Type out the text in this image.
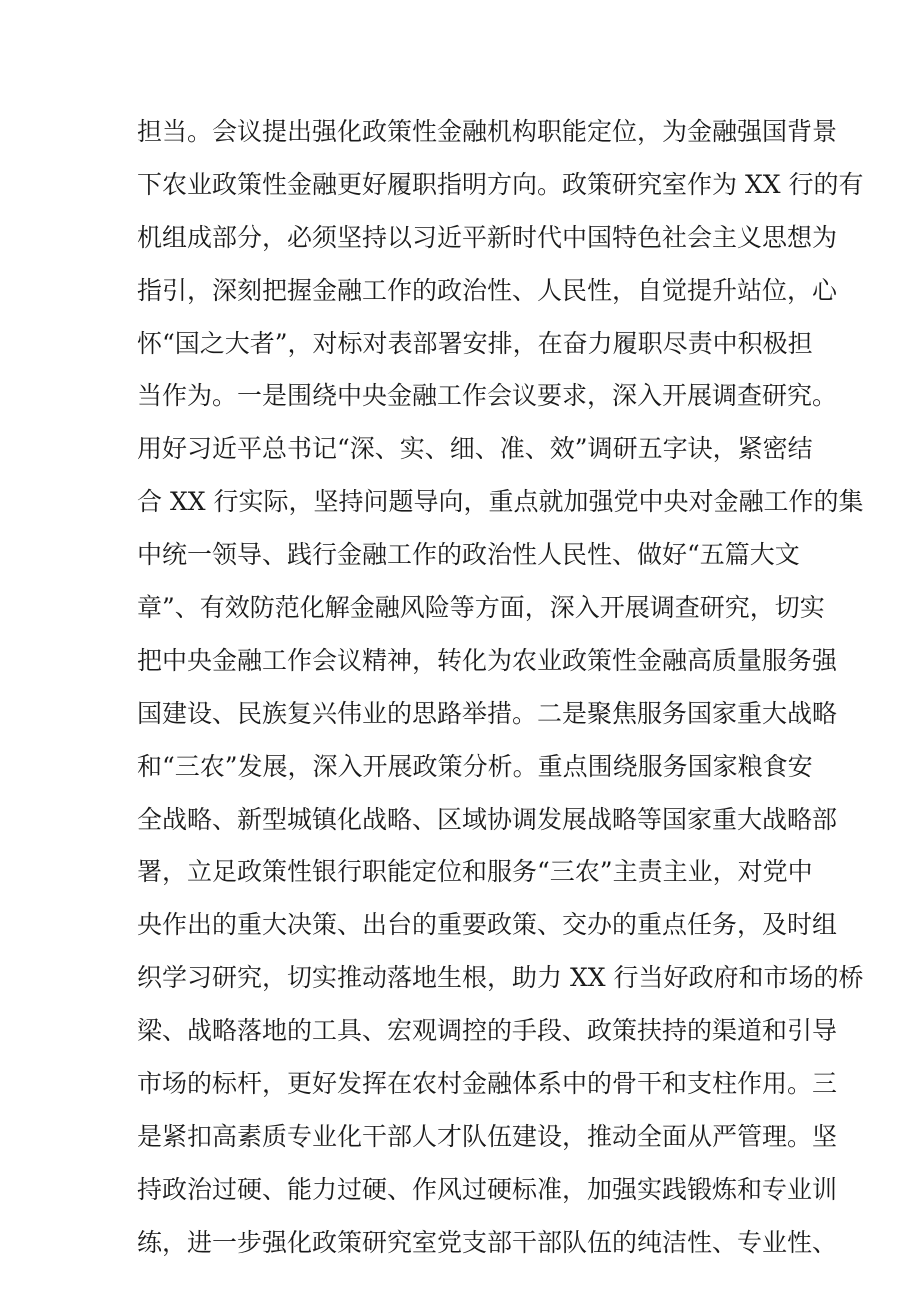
担当。会议提出强化政策性金融机构职能定位，为金融强国背景
下农业政策性金融更好履职指明方向。政策研究室作为 XX 行的有
机组成部分，必须坚持以习近平新时代中国特色社会主义思想为
指引，深刻把握金融工作的政治性、人民性，自觉提升站位，心
怀“国之大者”，对标对表部署安排，在奋力履职尽责中积极担
当作为。一是围绕中央金融工作会议要求，深入开展调查研究。
用好习近平总书记“深、实、细、准、效”调研五字诀，紧密结
合 XX 行实际，坚持问题导向，重点就加强党中央对金融工作的集
中统一领导、践行金融工作的政治性人民性、做好“五篇大文
章”、有效防范化解金融风险等方面，深入开展调查研究，切实
把中央金融工作会议精神，转化为农业政策性金融高质量服务强
国建设、民族复兴伟业的思路举措。二是聚焦服务国家重大战略
和“三农”发展，深入开展政策分析。重点围绕服务国家粮食安
全战略、新型城镇化战略、区域协调发展战略等国家重大战略部
署，立足政策性银行职能定位和服务“三农”主责主业，对党中
央作出的重大决策、出台的重要政策、交办的重点任务，及时组
织学习研究，切实推动落地生根，助力 XX 行当好政府和市场的桥
梁、战略落地的工具、宏观调控的手段、政策扶持的渠道和引导
市场的标杆，更好发挥在农村金融体系中的骨干和支柱作用。三
是紧扣高素质专业化干部人才队伍建设，推动全面从严管理。坚
持政治过硬、能力过硬、作风过硬标准，加强实践锻炼和专业训
练，进一步强化政策研究室党支部干部队伍的纯洁性、专业性、
